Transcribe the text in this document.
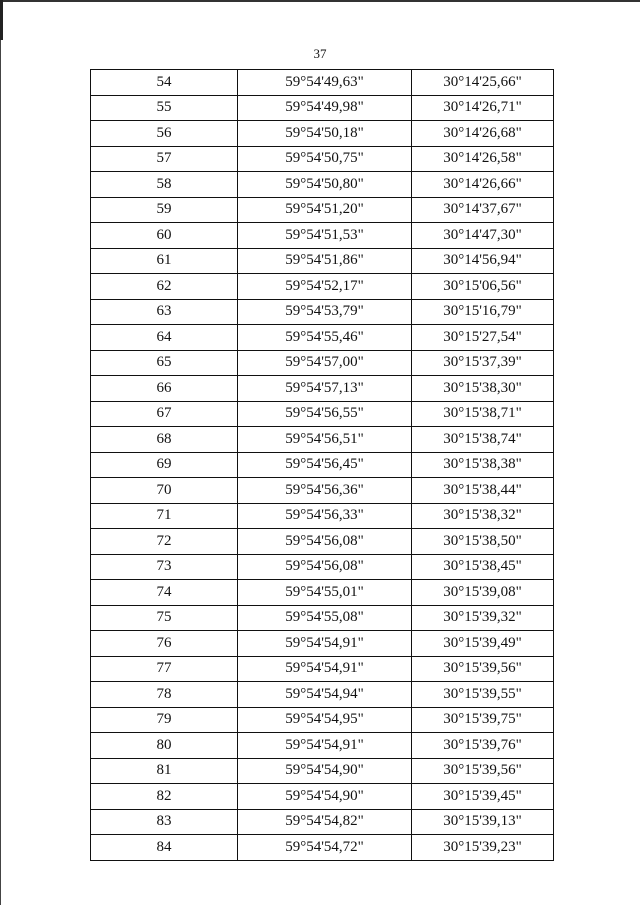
37
54	59°54'49,63"	30°14'25,66"
55	59°54'49,98"	30°14'26,71"
56	59°54'50,18"	30°14'26,68"
57	59°54'50,75"	30°14'26,58"
58	59°54'50,80"	30°14'26,66"
59	59°54'51,20"	30°14'37,67"
60	59°54'51,53"	30°14'47,30"
61	59°54'51,86"	30°14'56,94"
62	59°54'52,17"	30°15'06,56"
63	59°54'53,79"	30°15'16,79"
64	59°54'55,46"	30°15'27,54"
65	59°54'57,00"	30°15'37,39"
66	59°54'57,13"	30°15'38,30"
67	59°54'56,55"	30°15'38,71"
68	59°54'56,51"	30°15'38,74"
69	59°54'56,45"	30°15'38,38"
70	59°54'56,36"	30°15'38,44"
71	59°54'56,33"	30°15'38,32"
72	59°54'56,08"	30°15'38,50"
73	59°54'56,08"	30°15'38,45"
74	59°54'55,01"	30°15'39,08"
75	59°54'55,08"	30°15'39,32"
76	59°54'54,91"	30°15'39,49"
77	59°54'54,91"	30°15'39,56"
78	59°54'54,94"	30°15'39,55"
79	59°54'54,95"	30°15'39,75"
80	59°54'54,91"	30°15'39,76"
81	59°54'54,90"	30°15'39,56"
82	59°54'54,90"	30°15'39,45"
83	59°54'54,82"	30°15'39,13"
84	59°54'54,72"	30°15'39,23"
